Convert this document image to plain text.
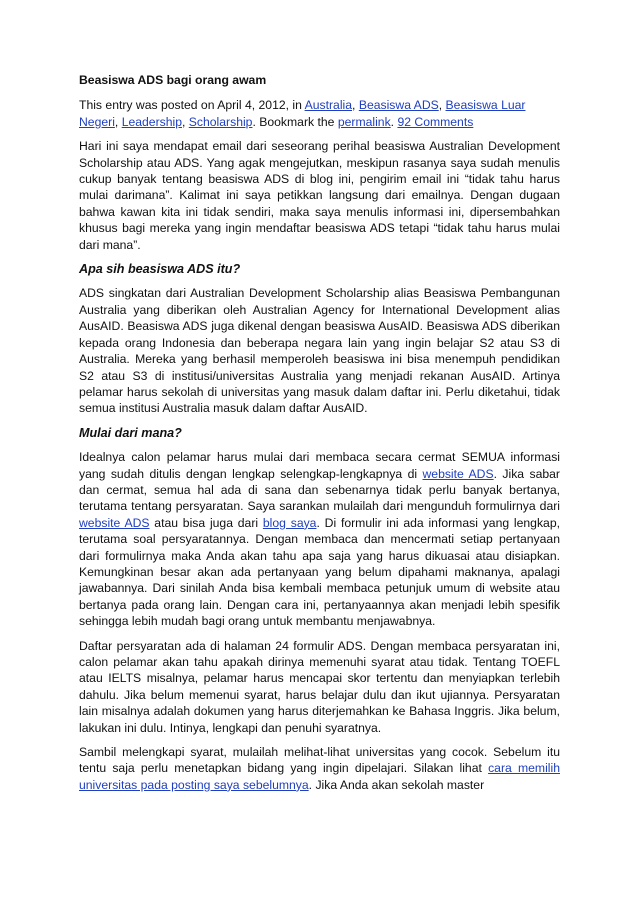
Beasiswa ADS bagi orang awam

This entry was posted on April 4, 2012, in Australia, Beasiswa ADS, Beasiswa Luar Negeri, Leadership, Scholarship. Bookmark the permalink. 92 Comments

Hari ini saya mendapat email dari seseorang perihal beasiswa Australian Development Scholarship atau ADS. Yang agak mengejutkan, meskipun rasanya saya sudah menulis cukup banyak tentang beasiswa ADS di blog ini, pengirim email ini “tidak tahu harus mulai darimana”. Kalimat ini saya petikkan langsung dari emailnya. Dengan dugaan bahwa kawan kita ini tidak sendiri, maka saya menulis informasi ini, dipersembahkan khusus bagi mereka yang ingin mendaftar beasiswa ADS tetapi “tidak tahu harus mulai dari mana”.

Apa sih beasiswa ADS itu?

ADS singkatan dari Australian Development Scholarship alias Beasiswa Pembangunan Australia yang diberikan oleh Australian Agency for International Development alias AusAID. Beasiswa ADS juga dikenal dengan beasiswa AusAID. Beasiswa ADS diberikan kepada orang Indonesia dan beberapa negara lain yang ingin belajar S2 atau S3 di Australia. Mereka yang berhasil memperoleh beasiswa ini bisa menempuh pendidikan S2 atau S3 di institusi/universitas Australia yang menjadi rekanan AusAID. Artinya pelamar harus sekolah di universitas yang masuk dalam daftar ini. Perlu diketahui, tidak semua institusi Australia masuk dalam daftar AusAID.

Mulai dari mana?

Idealnya calon pelamar harus mulai dari membaca secara cermat SEMUA informasi yang sudah ditulis dengan lengkap selengkap-lengkapnya di website ADS. Jika sabar dan cermat, semua hal ada di sana dan sebenarnya tidak perlu banyak bertanya, terutama tentang persyaratan. Saya sarankan mulailah dari mengunduh formulirnya dari website ADS atau bisa juga dari blog saya. Di formulir ini ada informasi yang lengkap, terutama soal persyaratannya. Dengan membaca dan mencermati setiap pertanyaan dari formulirnya maka Anda akan tahu apa saja yang harus dikuasai atau disiapkan. Kemungkinan besar akan ada pertanyaan yang belum dipahami maknanya, apalagi jawabannya. Dari sinilah Anda bisa kembali membaca petunjuk umum di website atau bertanya pada orang lain. Dengan cara ini, pertanyaannya akan menjadi lebih spesifik sehingga lebih mudah bagi orang untuk membantu menjawabnya.

Daftar persyaratan ada di halaman 24 formulir ADS. Dengan membaca persyaratan ini, calon pelamar akan tahu apakah dirinya memenuhi syarat atau tidak. Tentang TOEFL atau IELTS misalnya, pelamar harus mencapai skor tertentu dan menyiapkan terlebih dahulu. Jika belum memenui syarat, harus belajar dulu dan ikut ujiannya. Persyaratan lain misalnya adalah dokumen yang harus diterjemahkan ke Bahasa Inggris. Jika belum, lakukan ini dulu. Intinya, lengkapi dan penuhi syaratnya.

Sambil melengkapi syarat, mulailah melihat-lihat universitas yang cocok. Sebelum itu tentu saja perlu menetapkan bidang yang ingin dipelajari. Silakan lihat cara memilih universitas pada posting saya sebelumnya. Jika Anda akan sekolah master
